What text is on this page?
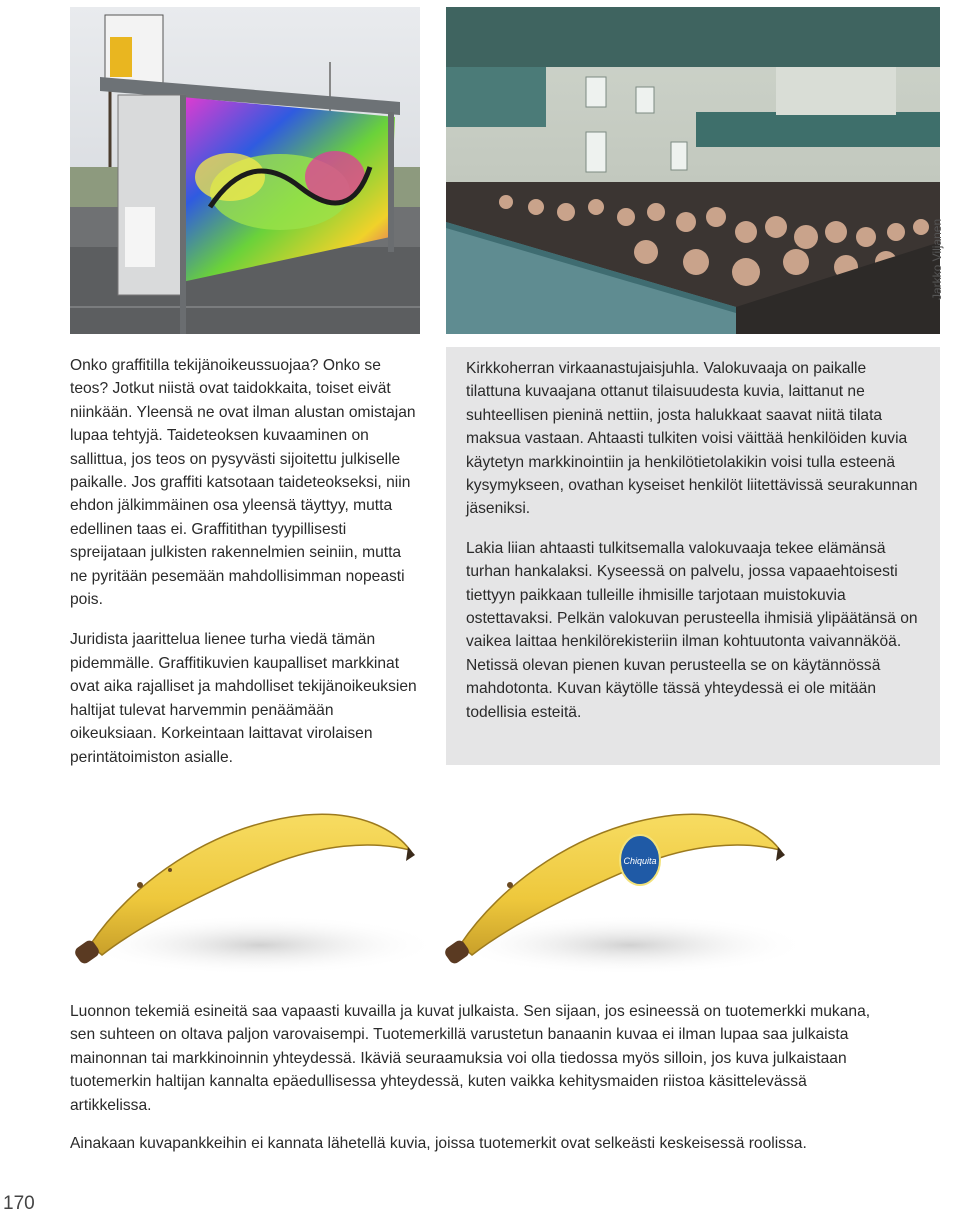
Jarkko Viljanen

Onko graffitilla tekijänoikeussuojaa? Onko se teos? Jotkut niistä ovat taidokkaita, toiset eivät niinkään. Yleensä ne ovat ilman alustan omistajan lupaa tehtyjä. Taideteoksen kuvaaminen on sallittua, jos teos on pysyvästi sijoitettu julkiselle paikalle. Jos graffiti katsotaan taideteokseksi, niin ehdon jälkimmäinen osa yleensä täyttyy, mutta edellinen taas ei. Graffitithan tyypillisesti spreijataan julkisten rakennelmien seiniin, mutta ne pyritään pesemään mahdollisimman nopeasti pois.

Juridista jaarittelua lienee turha viedä tämän pidemmälle. Graffitikuvien kaupalliset markkinat ovat aika rajalliset ja mahdolliset tekijänoikeuksien haltijat tulevat harvemmin penäämään oikeuksiaan. Korkeintaan laittavat virolaisen perintätoimiston asialle.

Kirkkoherran virkaanastujaisjuhla. Valokuvaaja on paikalle tilattuna kuvaajana ottanut tilaisuudesta kuvia, laittanut ne suhteellisen pieninä nettiin, josta halukkaat saavat niitä tilata maksua vastaan. Ahtaasti tulkiten voisi väittää henkilöiden kuvia käytetyn markkinointiin ja henkilötietolakikin voisi tulla esteenä kysymykseen, ovathan kyseiset henkilöt liitettävissä seurakunnan jäseniksi.

Lakia liian ahtaasti tulkitsemalla valokuvaaja tekee elämänsä turhan hankalaksi. Kyseessä on palvelu, jossa vapaaehtoisesti tiettyyn paikkaan tulleille ihmisille tarjotaan muistokuvia ostettavaksi. Pelkän valokuvan perusteella ihmisiä ylipäätänsä on vaikea laittaa henkilörekisteriin ilman kohtuutonta vaivannäköä. Netissä olevan pienen kuvan perusteella se on käytännössä mahdotonta. Kuvan käytölle tässä yhteydessä ei ole mitään todellisia esteitä.

Chiquita

Luonnon tekemiä esineitä saa vapaasti kuvailla ja kuvat julkaista. Sen sijaan, jos esineessä on tuotemerkki mukana, sen suhteen on oltava paljon varovaisempi. Tuotemerkillä varustetun banaanin kuvaa ei ilman lupaa saa julkaista mainonnan tai markkinoinnin yhteydessä. Ikäviä seuraamuksia voi olla tiedossa myös silloin, jos kuva julkaistaan tuotemerkin haltijan kannalta epäedullisessa yhteydessä, kuten vaikka kehitysmaiden riistoa käsittelevässä artikkelissa.

Ainakaan kuvapankkeihin ei kannata lähetellä kuvia, joissa tuotemerkit ovat selkeästi keskeisessä roolissa.

170
